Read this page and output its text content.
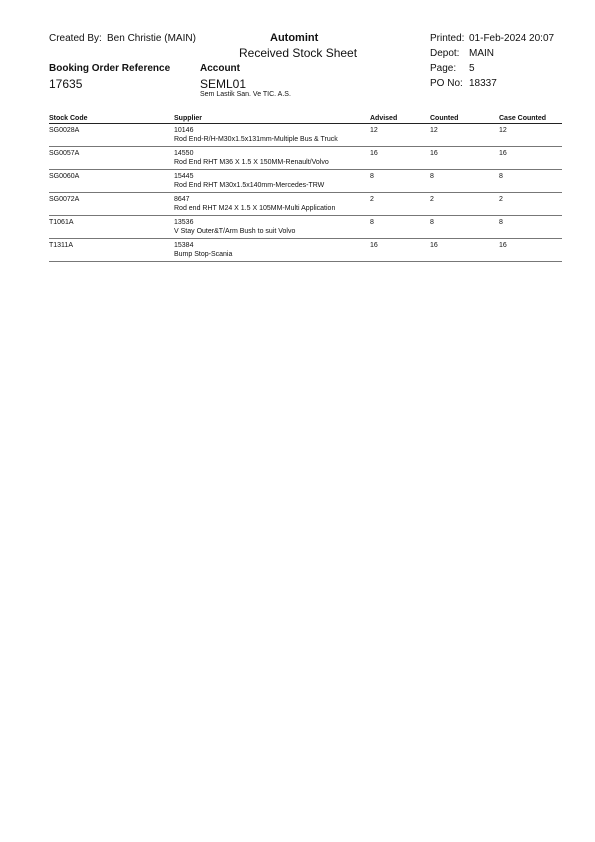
Created By: Ben Christie (MAIN)
Booking Order Reference
17635
Automint
Received Stock Sheet
Account
SEML01
Sem Lastik San. Ve TIC. A.S.
Printed: 01-Feb-2024 20:07
Depot: MAIN
Page: 5
PO No: 18337
Stock Code	Supplier	Advised	Counted	Case Counted
SG0028A	10146
Rod End-R/H-M30x1.5x131mm-Multiple Bus & Truck	12	12	12
SG0057A	14550
Rod End RHT M36 X 1.5 X 150MM-Renault/Volvo	16	16	16
SG0060A	15445
Rod End RHT M30x1.5x140mm-Mercedes-TRW	8	8	8
SG0072A	8647
Rod end RHT M24 X 1.5 X 105MM-Multi Application	2	2	2
T1061A	13536
V Stay Outer&T/Arm Bush to suit Volvo	8	8	8
T1311A	15384
Bump Stop-Scania	16	16	16
